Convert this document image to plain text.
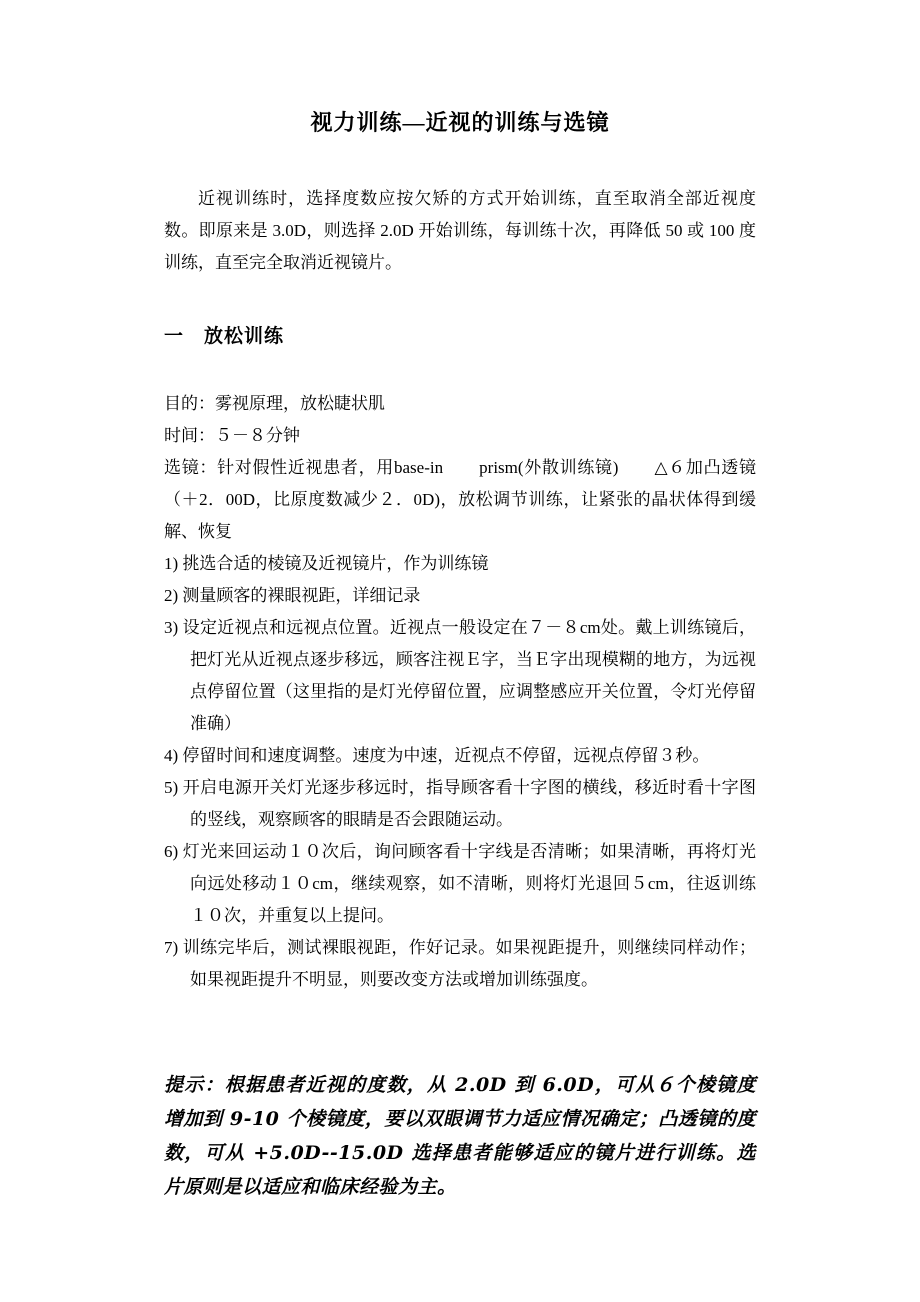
视力训练—近视的训练与选镜

近视训练时，选择度数应按欠矫的方式开始训练，直至取消全部近视度数。即原来是 3.0D，则选择 2.0D 开始训练，每训练十次，再降低 50 或 100 度训练，直至完全取消近视镜片。

一　放松训练

目的：雾视原理，放松睫状肌

时间：５－８分钟

选镜：针对假性近视患者，用base-in　　prism(外散训练镜)　　△６加凸透镜（＋2．00D，比原度数减少２．0D)，放松调节训练，让紧张的晶状体得到缓解、恢复

1) 挑选合适的棱镜及近视镜片，作为训练镜
2) 测量顾客的裸眼视距，详细记录
3) 设定近视点和远视点位置。近视点一般设定在７－８cm处。戴上训练镜后，把灯光从近视点逐步移远，顾客注视Ｅ字，当Ｅ字出现模糊的地方，为远视点停留位置（这里指的是灯光停留位置，应调整感应开关位置，令灯光停留准确）
4) 停留时间和速度调整。速度为中速，近视点不停留，远视点停留３秒。
5) 开启电源开关灯光逐步移远时，指导顾客看十字图的横线，移近时看十字图的竖线，观察顾客的眼睛是否会跟随运动。
6) 灯光来回运动１０次后，询问顾客看十字线是否清晰；如果清晰，再将灯光向远处移动１０cm，继续观察，如不清晰，则将灯光退回５cm，往返训练１０次，并重复以上提问。
7) 训练完毕后，测试裸眼视距，作好记录。如果视距提升，则继续同样动作；如果视距提升不明显，则要改变方法或增加训练强度。

提示：根据患者近视的度数，从 2.0D 到 6.0D，可从６个棱镜度增加到 9-10 个棱镜度，要以双眼调节力适应情况确定；凸透镜的度数，可从 +5.0D--15.0D 选择患者能够适应的镜片进行训练。选片原则是以适应和临床经验为主。
